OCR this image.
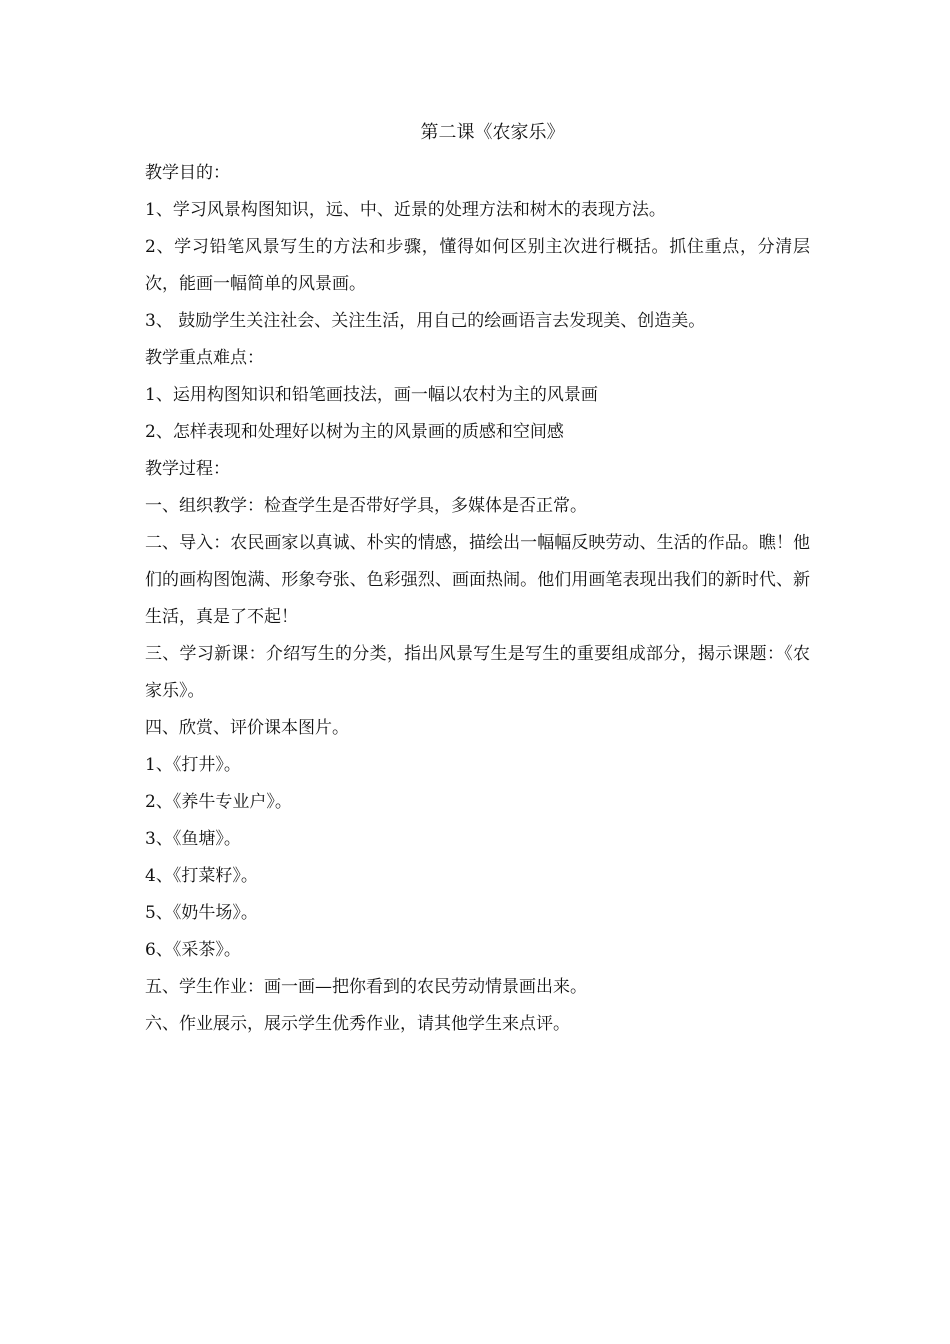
第二课《农家乐》
教学目的：
1、学习风景构图知识，远、中、近景的处理方法和树木的表现方法。
2、学习铅笔风景写生的方法和步骤，懂得如何区别主次进行概括。抓住重点，分清层次，能画一幅简单的风景画。
3、 鼓励学生关注社会、关注生活，用自己的绘画语言去发现美、创造美。
教学重点难点：
1、运用构图知识和铅笔画技法，画一幅以农村为主的风景画
2、怎样表现和处理好以树为主的风景画的质感和空间感
教学过程：
一、组织教学：检查学生是否带好学具，多媒体是否正常。
二、导入：农民画家以真诚、朴实的情感，描绘出一幅幅反映劳动、生活的作品。瞧！他们的画构图饱满、形象夸张、色彩强烈、画面热闹。他们用画笔表现出我们的新时代、新生活，真是了不起！
三、学习新课：介绍写生的分类，指出风景写生是写生的重要组成部分，揭示课题：《农家乐》。
四、欣赏、评价课本图片。
1、《打井》。
2、《养牛专业户》。
3、《鱼塘》。
4、《打菜籽》。
5、《奶牛场》。
6、《采茶》。
五、学生作业：画一画—把你看到的农民劳动情景画出来。
六、作业展示，展示学生优秀作业，请其他学生来点评。
